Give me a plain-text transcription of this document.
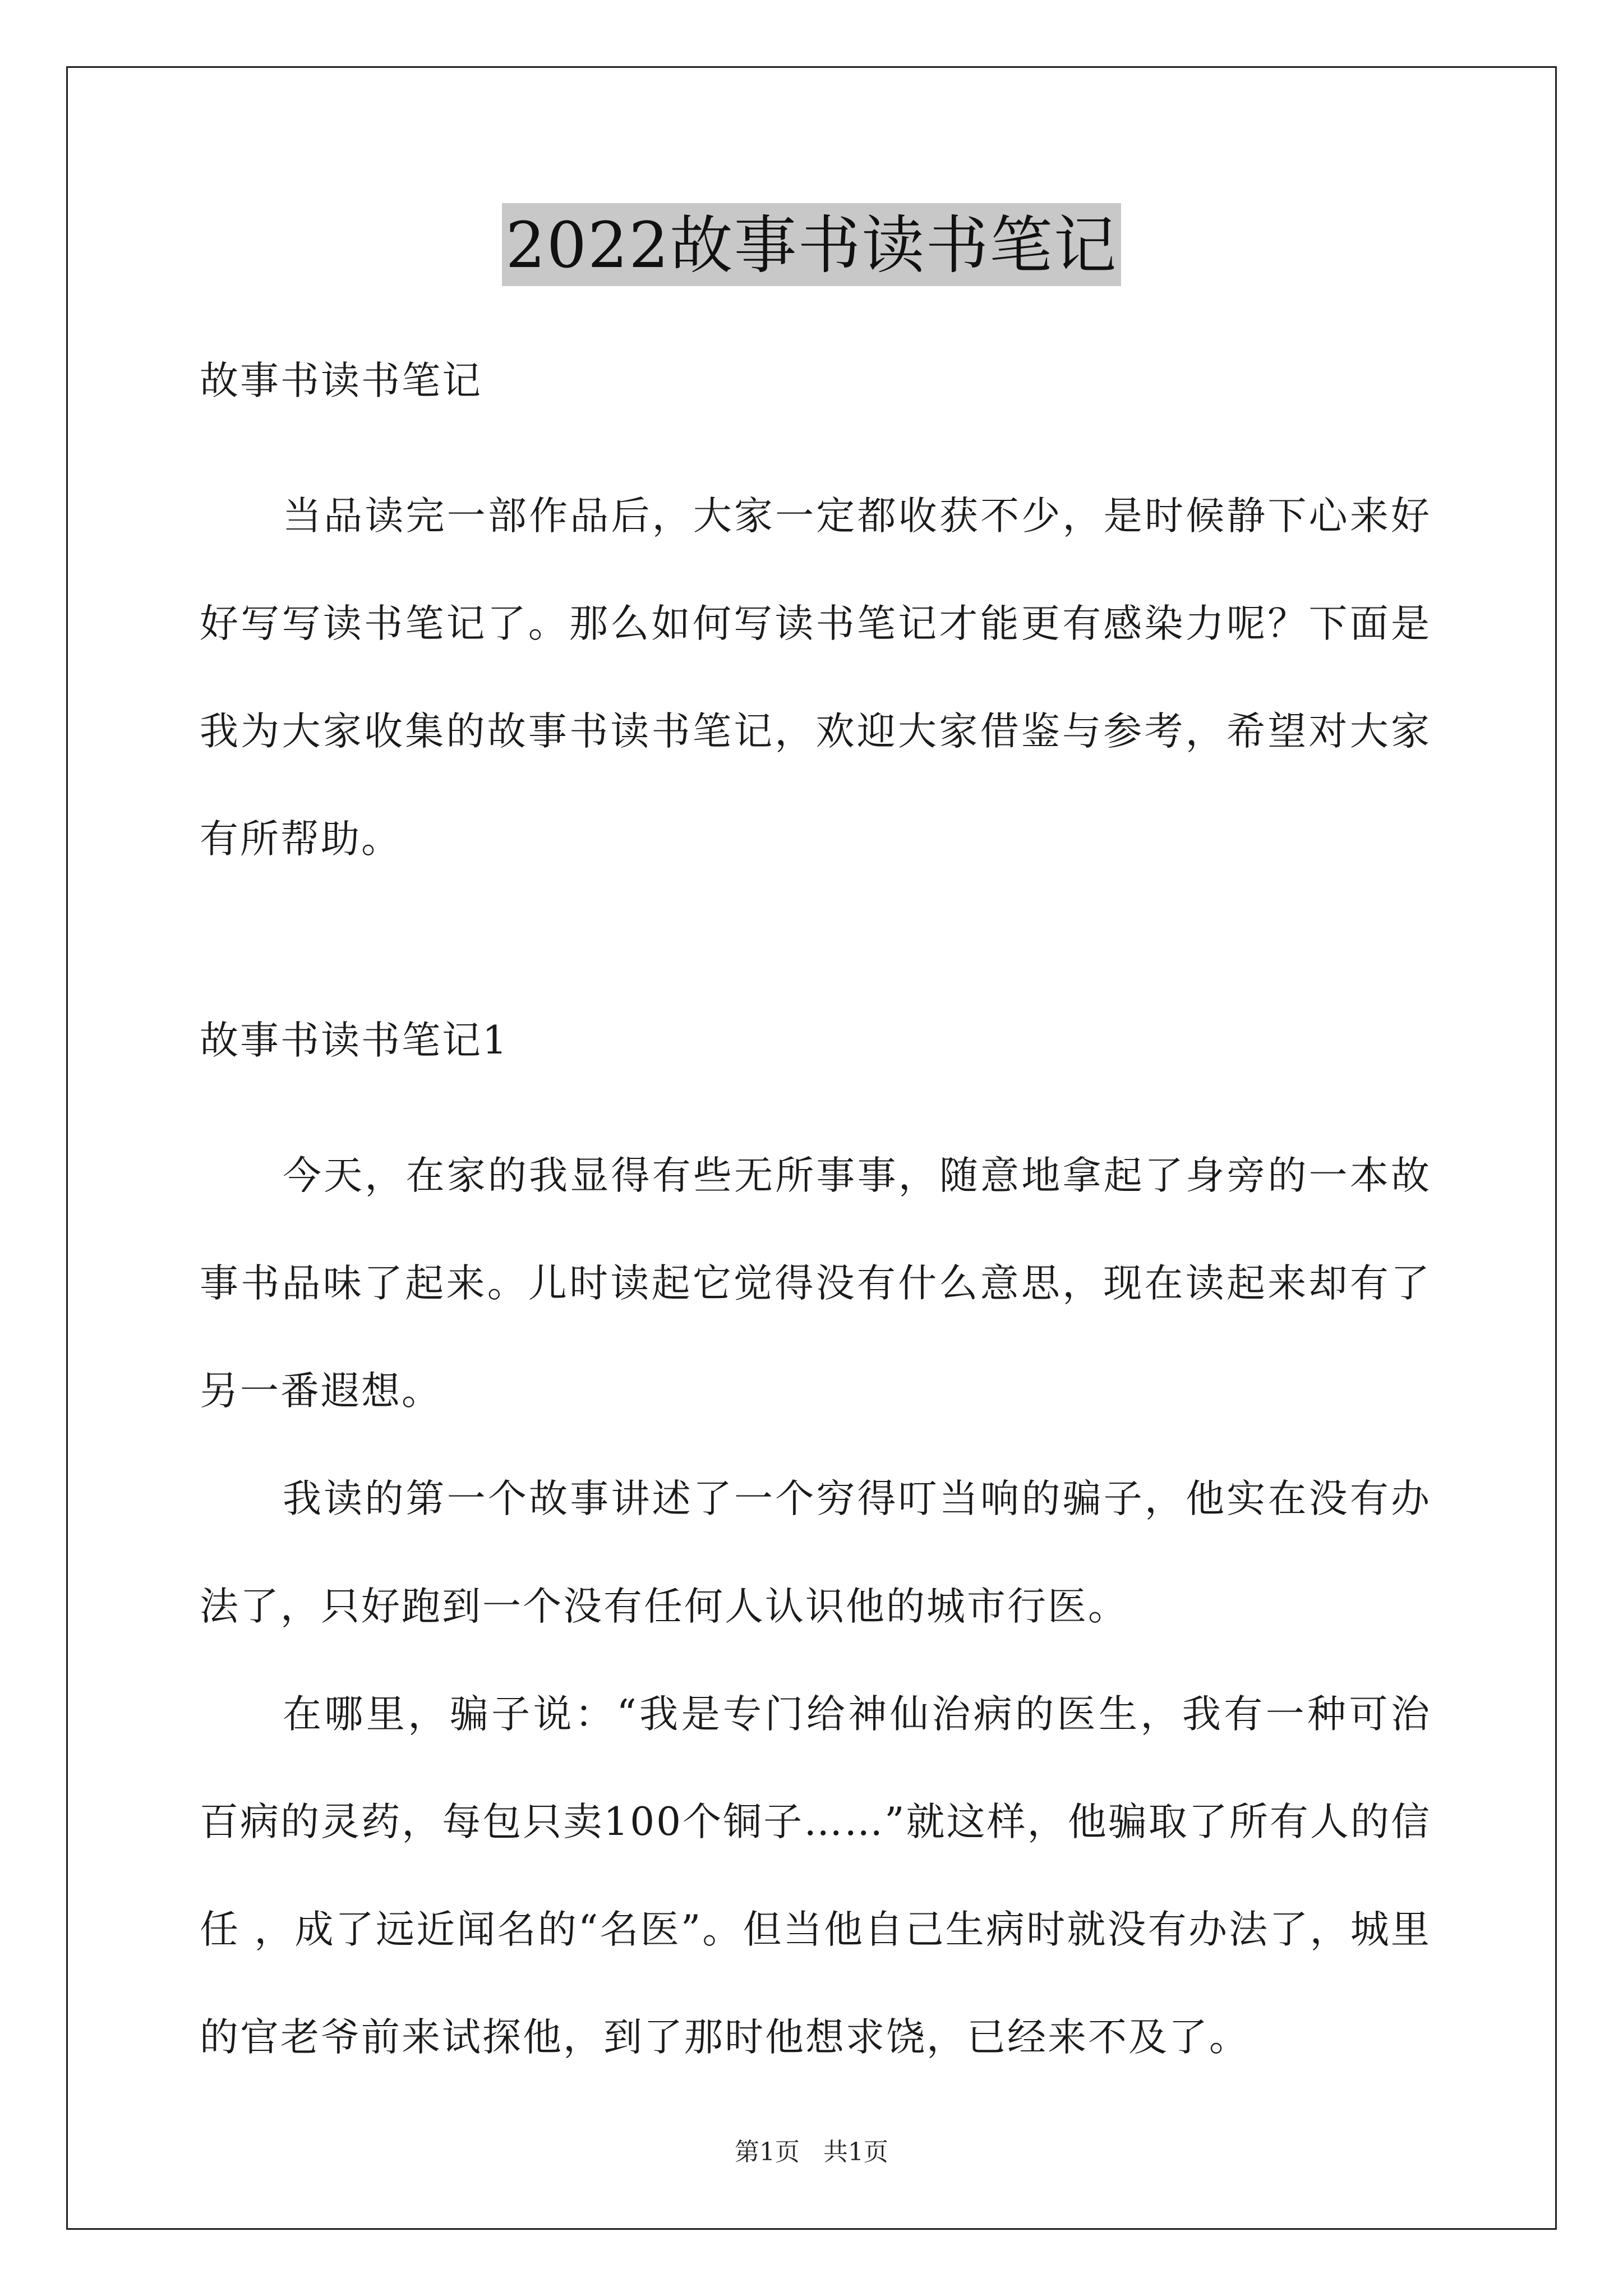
2022故事书读书笔记

故事书读书笔记

当品读完一部作品后，大家一定都收获不少，是时候静下心来好好写写读书笔记了。那么如何写读书笔记才能更有感染力呢？下面是我为大家收集的故事书读书笔记，欢迎大家借鉴与参考，希望对大家有所帮助。

故事书读书笔记1

今天，在家的我显得有些无所事事，随意地拿起了身旁的一本故事书品味了起来。儿时读起它觉得没有什么意思，现在读起来却有了另一番遐想。

我读的第一个故事讲述了一个穷得叮当响的骗子，他实在没有办法了，只好跑到一个没有任何人认识他的城市行医。

在哪里，骗子说：“我是专门给神仙治病的医生，我有一种可治百病的灵药，每包只卖100个铜子……”就这样，他骗取了所有人的信任 ，成了远近闻名的“名医”。但当他自己生病时就没有办法了，城里的官老爷前来试探他，到了那时他想求饶，已经来不及了。

第1页 共1页
